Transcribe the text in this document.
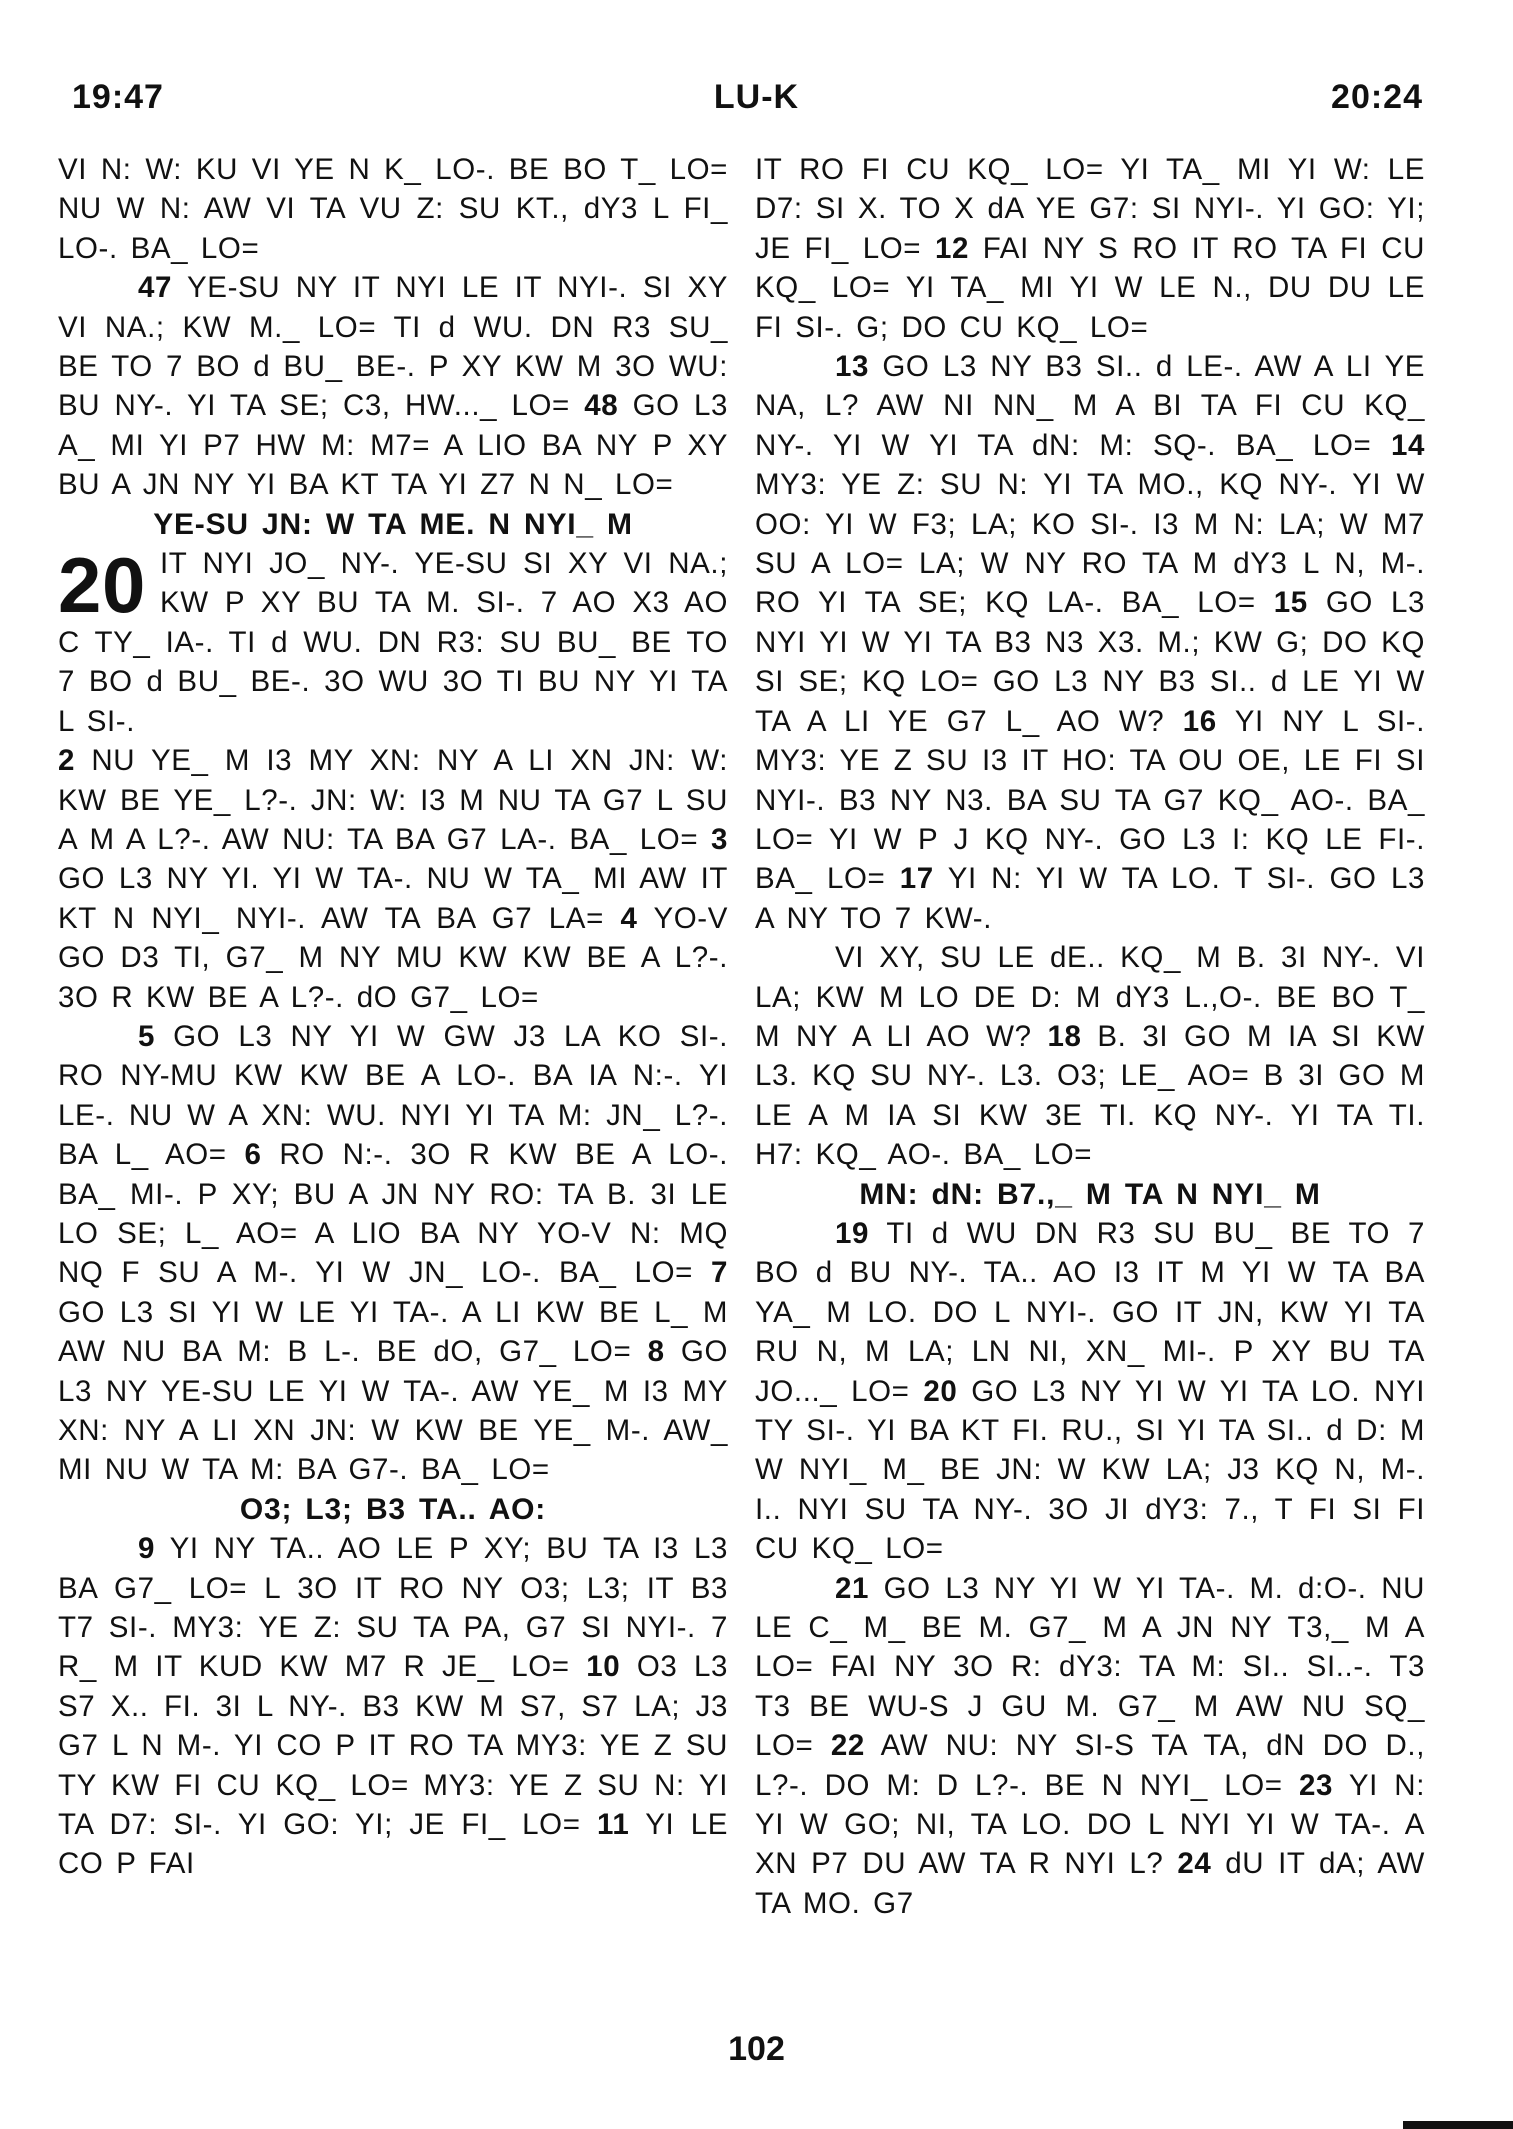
19:47	LU-K	20:24

VI N: W: KU VI YE N K_ LO-. BE BO T_ LO= NU W N: AW VI TA VU Z: SU KT., dY3 L FI_ LO-. BA_ LO=

47 YE-SU NY IT NYI LE IT NYI-. SI XY VI NA.; KW M._ LO= TI d WU. DN R3 SU_ BE TO 7 BO d BU_ BE-. P XY KW M 3O WU: BU NY-. YI TA SE; C3, HW..._ LO= 48 GO L3 A_ MI YI P7 HW M: M7= A LIO BA NY P XY BU A JN NY YI BA KT TA YI Z7 N N_ LO=

YE-SU JN: W TA ME. N NYI_ M

20 IT NYI JO_ NY-. YE-SU SI XY VI NA.; KW P XY BU TA M. SI-. 7 AO X3 AO C TY_ IA-. TI d WU. DN R3: SU BU_ BE TO 7 BO d BU_ BE-. 3O WU 3O TI BU NY YI TA L SI-.

2 NU YE_ M I3 MY XN: NY A LI XN JN: W: KW BE YE_ L?-. JN: W: I3 M NU TA G7 L SU A M A L?-. AW NU: TA BA G7 LA-. BA_ LO= 3 GO L3 NY YI. YI W TA-. NU W TA_ MI AW IT KT N NYI_ NYI-. AW TA BA G7 LA= 4 YO-V GO D3 TI, G7_ M NY MU KW KW BE A L?-. 3O R KW BE A L?-. dO G7_ LO=

5 GO L3 NY YI W GW J3 LA KO SI-. RO NY-MU KW KW BE A LO-. BA IA N:-. YI LE-. NU W A XN: WU. NYI YI TA M: JN_ L?-. BA L_ AO= 6 RO N:-. 3O R KW BE A LO-. BA_ MI-. P XY; BU A JN NY RO: TA B. 3I LE LO SE; L_ AO= A LIO BA NY YO-V N: MQ NQ F SU A M-. YI W JN_ LO-. BA_ LO= 7 GO L3 SI YI W LE YI TA-. A LI KW BE L_ M AW NU BA M: B L-. BE dO, G7_ LO= 8 GO L3 NY YE-SU LE YI W TA-. AW YE_ M I3 MY XN: NY A LI XN JN: W KW BE YE_ M-. AW_ MI NU W TA M: BA G7-. BA_ LO=

O3; L3; B3 TA.. AO:

9 YI NY TA.. AO LE P XY; BU TA I3 L3 BA G7_ LO= L 3O IT RO NY O3; L3; IT B3 T7 SI-. MY3: YE Z: SU TA PA, G7 SI NYI-. 7 R_ M IT KUD KW M7 R JE_ LO= 10 O3 L3 S7 X.. FI. 3I L NY-. B3 KW M S7, S7 LA; J3 G7 L N M-. YI CO P IT RO TA MY3: YE Z SU TY KW FI CU KQ_ LO= MY3: YE Z SU N: YI TA D7: SI-. YI GO: YI; JE FI_ LO= 11 YI LE CO P FAI

IT RO FI CU KQ_ LO= YI TA_ MI YI W: LE D7: SI X. TO X dA YE G7: SI NYI-. YI GO: YI; JE FI_ LO= 12 FAI NY S RO IT RO TA FI CU KQ_ LO= YI TA_ MI YI W LE N., DU DU LE FI SI-. G; DO CU KQ_ LO=

13 GO L3 NY B3 SI.. d LE-. AW A LI YE NA, L? AW NI NN_ M A BI TA FI CU KQ_ NY-. YI W YI TA dN: M: SQ-. BA_ LO= 14 MY3: YE Z: SU N: YI TA MO., KQ NY-. YI W OO: YI W F3; LA; KO SI-. I3 M N: LA; W M7 SU A LO= LA; W NY RO TA M dY3 L N, M-. RO YI TA SE; KQ LA-. BA_ LO= 15 GO L3 NYI YI W YI TA B3 N3 X3. M.; KW G; DO KQ SI SE; KQ LO= GO L3 NY B3 SI.. d LE YI W TA A LI YE G7 L_ AO W? 16 YI NY L SI-. MY3: YE Z SU I3 IT HO: TA OU OE, LE FI SI NYI-. B3 NY N3. BA SU TA G7 KQ_ AO-. BA_ LO= YI W P J KQ NY-. GO L3 I: KQ LE FI-. BA_ LO= 17 YI N: YI W TA LO. T SI-. GO L3 A NY TO 7 KW-.

VI XY, SU LE dE.. KQ_ M B. 3I NY-. VI LA; KW M LO DE D: M dY3 L.,O-. BE BO T_ M NY A LI AO W? 18 B. 3I GO M IA SI KW L3. KQ SU NY-. L3. O3; LE_ AO= B 3I GO M LE A M IA SI KW 3E TI. KQ NY-. YI TA TI. H7: KQ_ AO-. BA_ LO=

MN: dN: B7.,_ M TA N NYI_ M

19 TI d WU DN R3 SU BU_ BE TO 7 BO d BU NY-. TA.. AO I3 IT M YI W TA BA YA_ M LO. DO L NYI-. GO IT JN, KW YI TA RU N, M LA; LN NI, XN_ MI-. P XY BU TA JO..._ LO= 20 GO L3 NY YI W YI TA LO. NYI TY SI-. YI BA KT FI. RU., SI YI TA SI.. d D: M W NYI_ M_ BE JN: W KW LA; J3 KQ N, M-. I.. NYI SU TA NY-. 3O JI dY3: 7., T FI SI FI CU KQ_ LO=

21 GO L3 NY YI W YI TA-. M. d:O-. NU LE C_ M_ BE M. G7_ M A JN NY T3,_ M A LO= FAI NY 3O R: dY3: TA M: SI.. SI..-. T3 T3 BE WU-S J GU M. G7_ M AW NU SQ_ LO= 22 AW NU: NY SI-S TA TA, dN DO D., L?-. DO M: D L?-. BE N NYI_ LO= 23 YI N: YI W GO; NI, TA LO. DO L NYI YI W TA-. A XN P7 DU AW TA R NYI L? 24 dU IT dA; AW TA MO. G7

102
